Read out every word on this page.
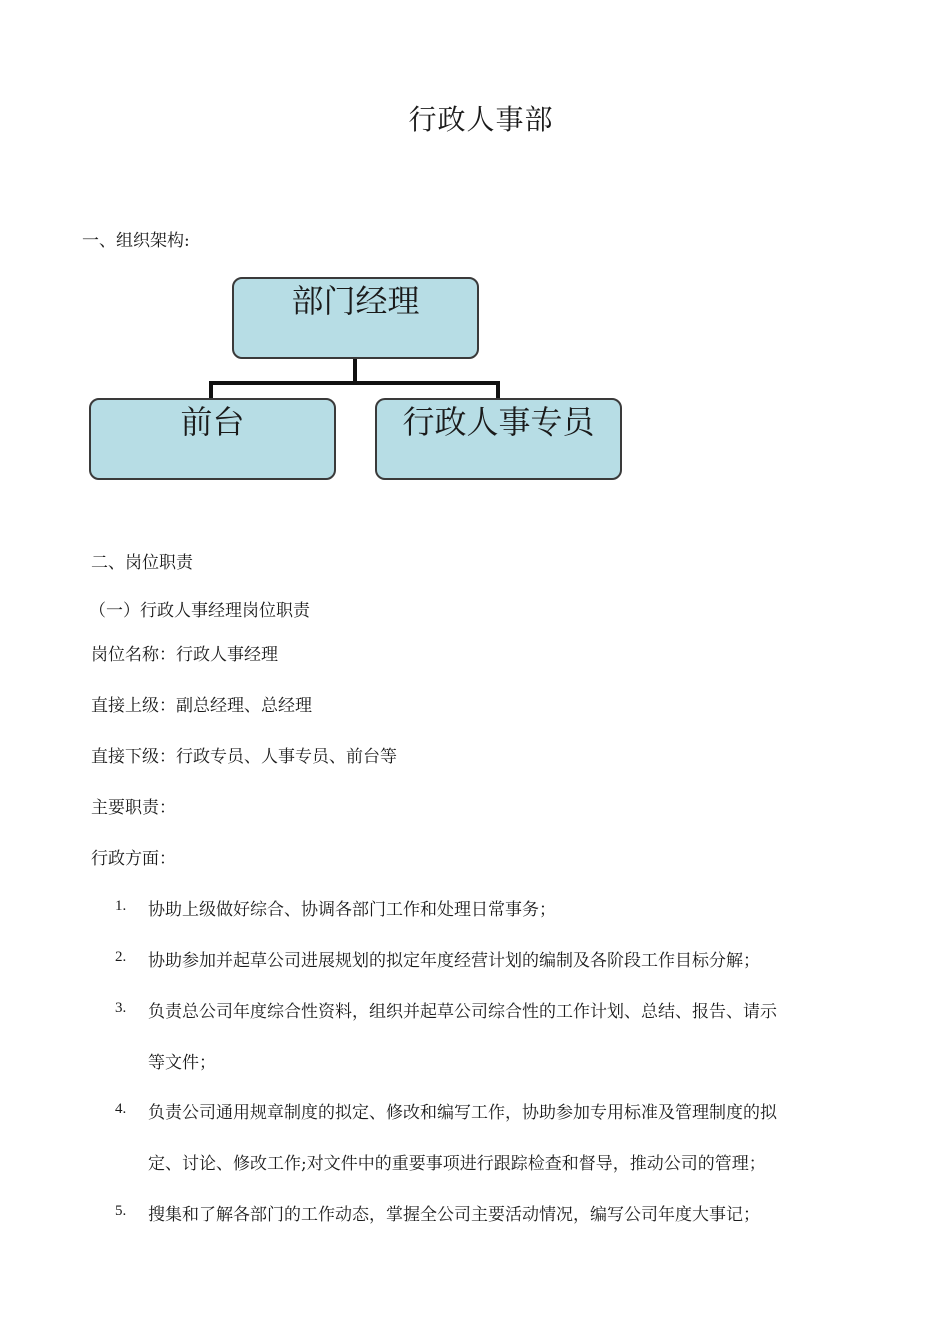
行政人事部
一、组织架构:
部门经理
前台	行政人事专员
二、岗位职责
（一）行政人事经理岗位职责
岗位名称：行政人事经理
直接上级：副总经理、总经理
直接下级：行政专员、人事专员、前台等
主要职责：
行政方面：
1. 协助上级做好综合、协调各部门工作和处理日常事务；
2. 协助参加并起草公司进展规划的拟定年度经营计划的编制及各阶段工作目标分解；
3. 负责总公司年度综合性资料，组织并起草公司综合性的工作计划、总结、报告、请示
等文件；
4. 负责公司通用规章制度的拟定、修改和编写工作，协助参加专用标准及管理制度的拟
定、讨论、修改工作;对文件中的重要事项进行跟踪检查和督导，推动公司的管理；
5. 搜集和了解各部门的工作动态，掌握全公司主要活动情况，编写公司年度大事记；
